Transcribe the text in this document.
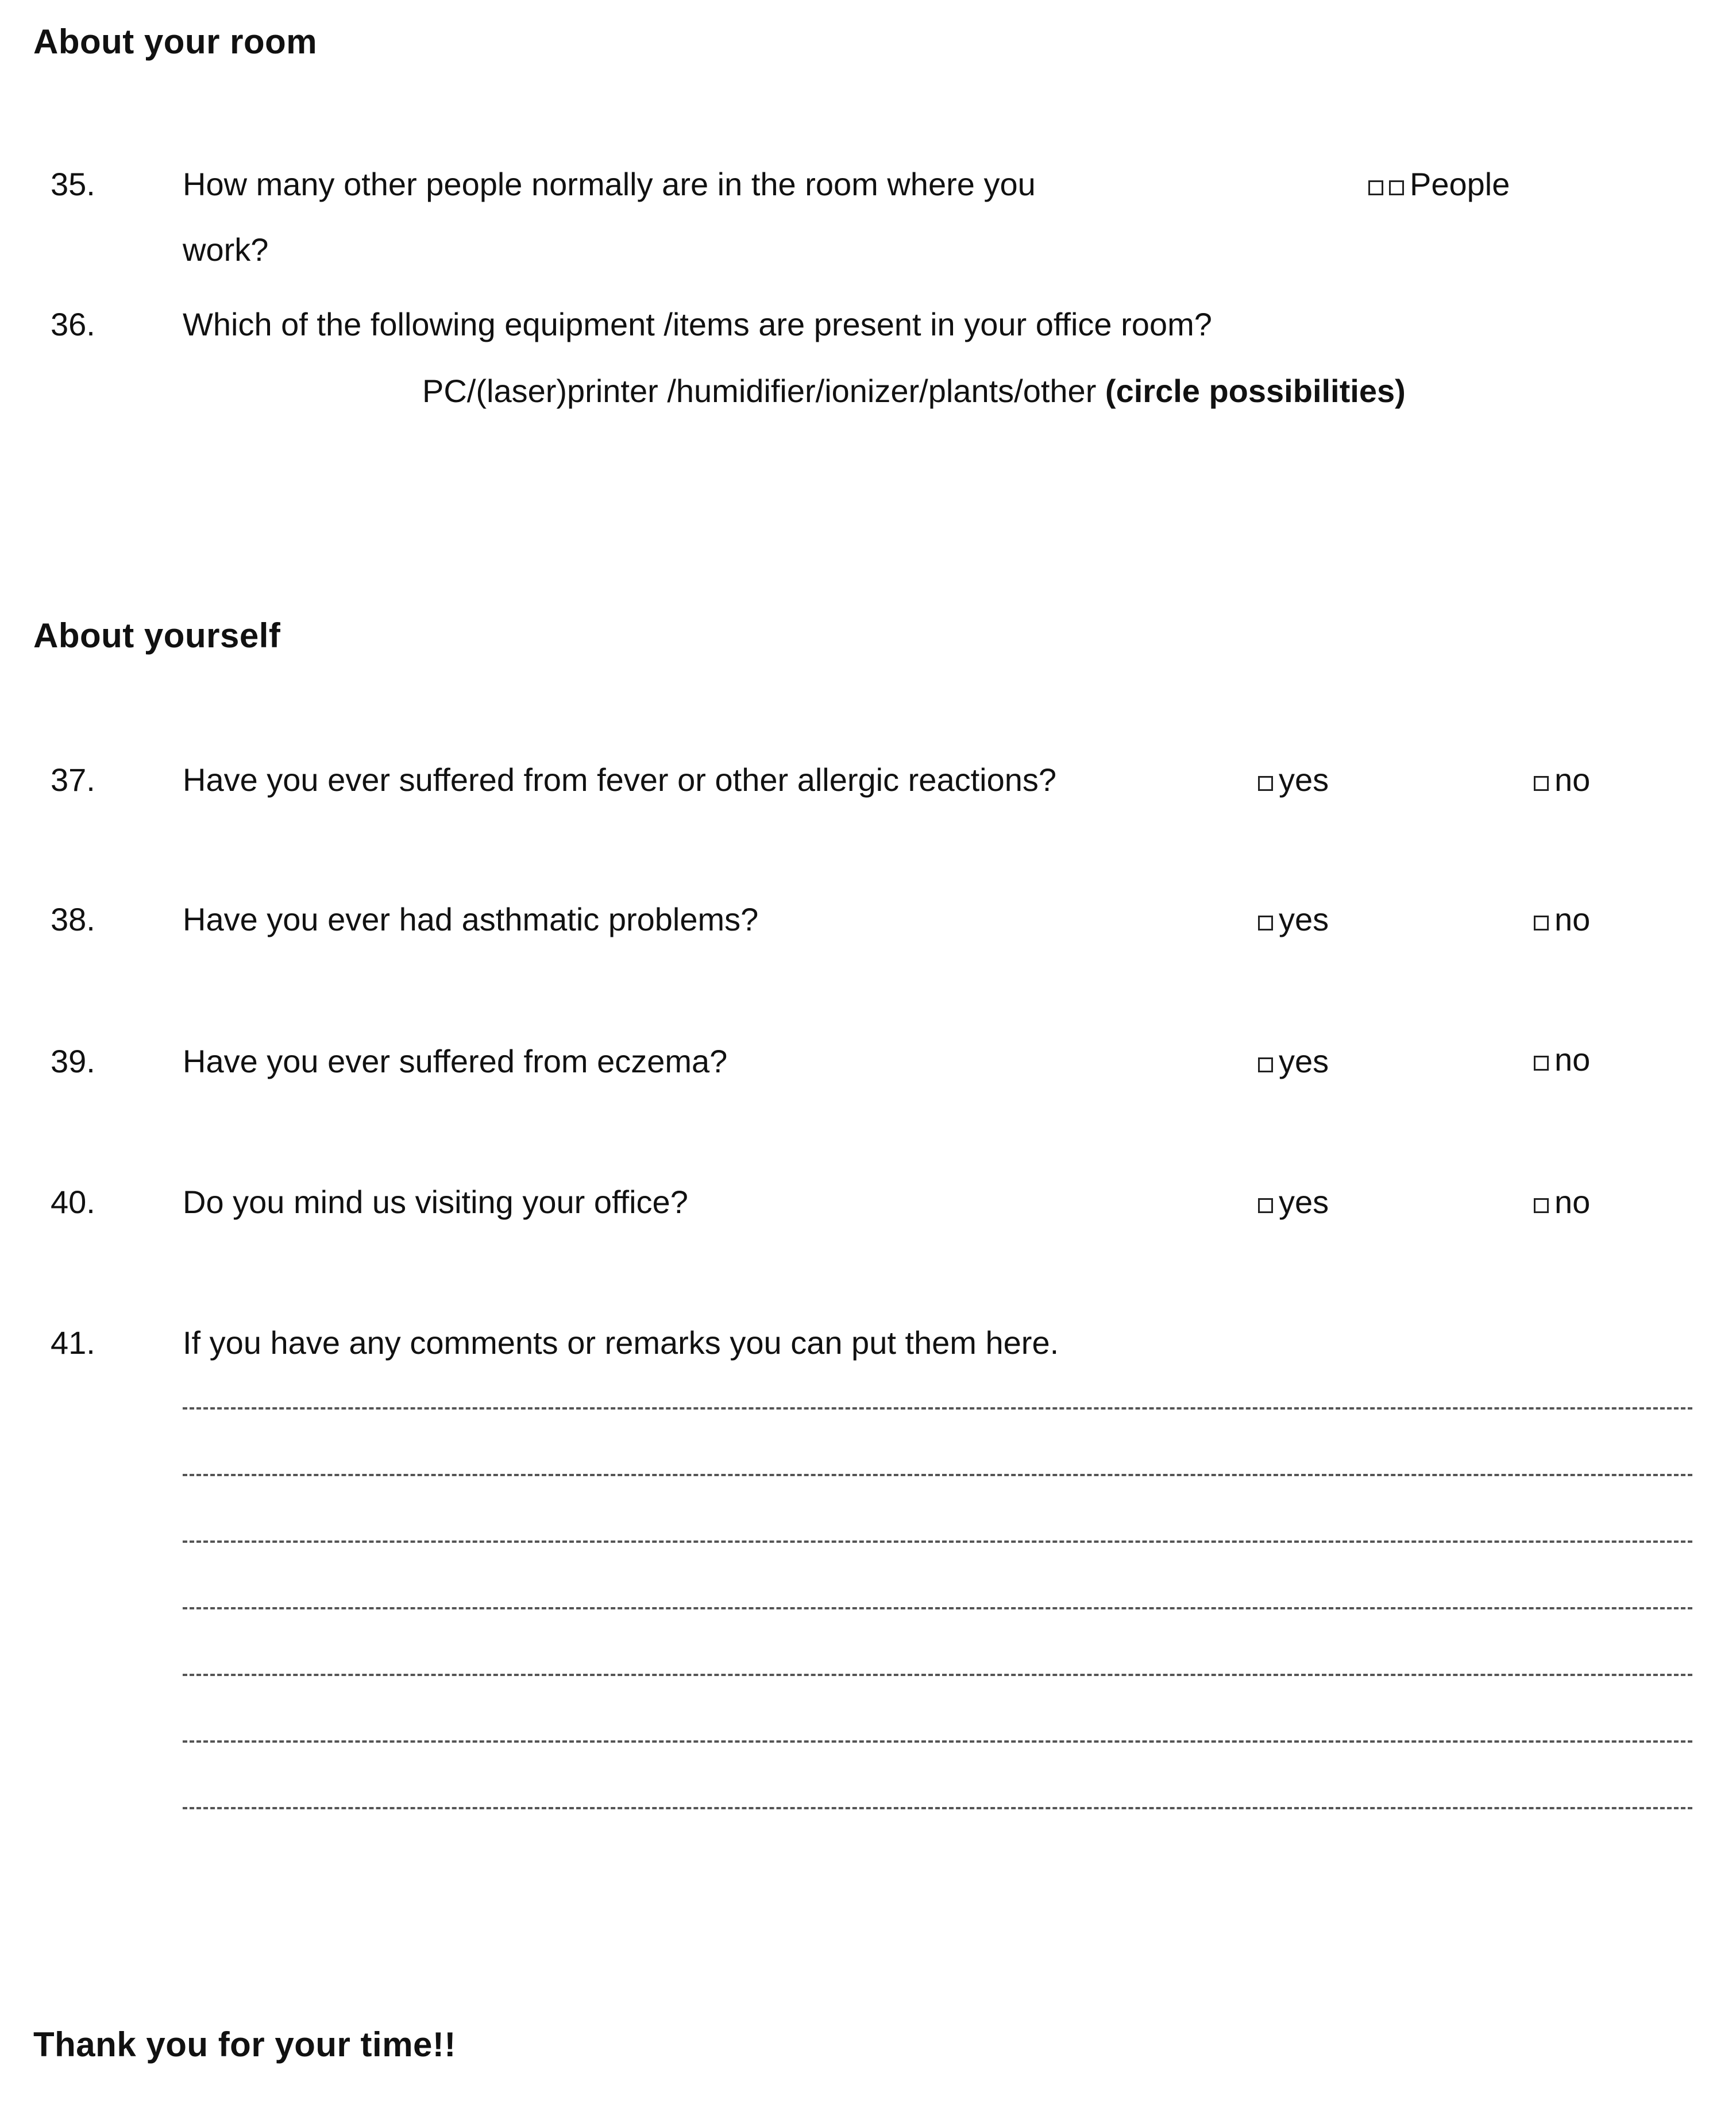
About your room
35.	How many other people normally are in the room where you
work?
People
36.	Which of the following equipment /items are present in your office room?
PC/(laser)printer /humidifier/ionizer/plants/other (circle possibilities)
About yourself
37.	Have you ever suffered from fever or other allergic reactions?	yes	no
38.	Have you ever had asthmatic problems?	yes	no
39.	Have you ever suffered from eczema?	yes	no
40.	Do you mind us visiting your office?	yes	no
41.	If you have any comments or remarks you can put them here.
Thank you for your time!!
